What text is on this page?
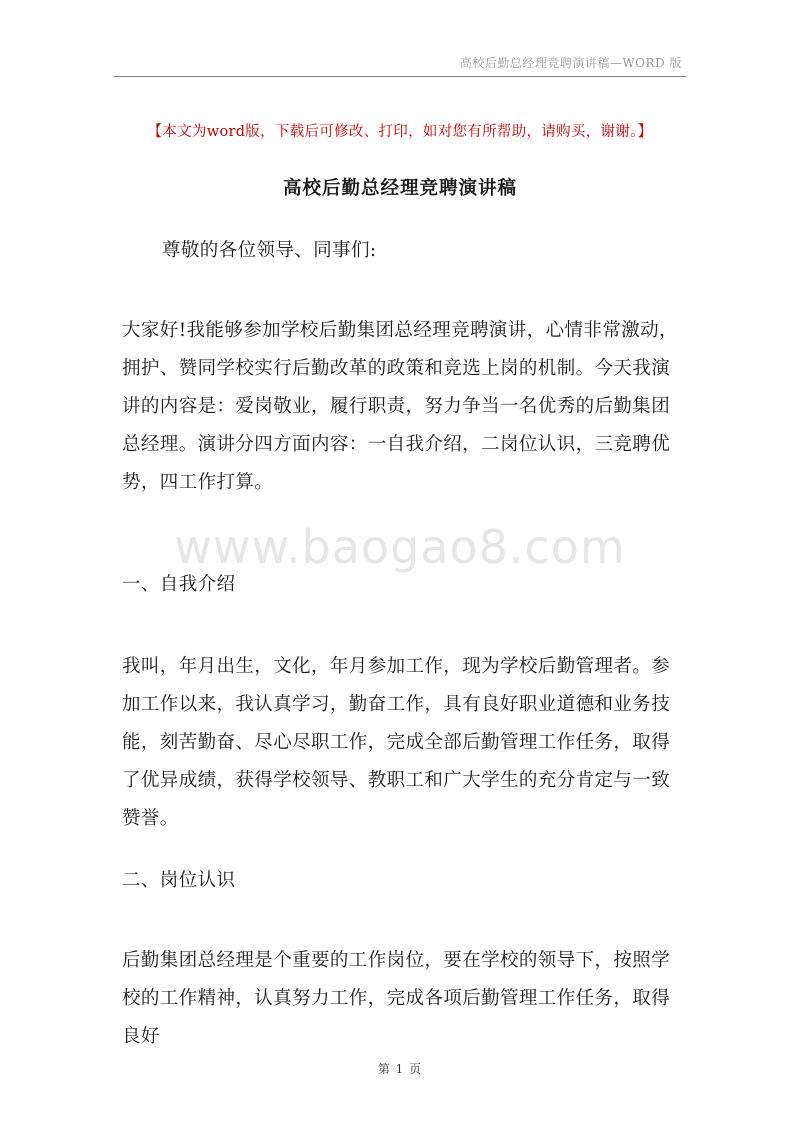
高校后勤总经理竞聘演讲稿—WORD 版
【本文为word版，下载后可修改、打印，如对您有所帮助，请购买，谢谢。】
高校后勤总经理竞聘演讲稿

尊敬的各位领导、同事们:

大家好!我能够参加学校后勤集团总经理竞聘演讲，心情非常激动，拥护、赞同学校实行后勤改革的政策和竞选上岗的机制。今天我演讲的内容是：爱岗敬业，履行职责，努力争当一名优秀的后勤集团总经理。演讲分四方面内容：一自我介绍，二岗位认识，三竞聘优势，四工作打算。

www.baogao8.com

一、自我介绍

我叫，年月出生，文化，年月参加工作，现为学校后勤管理者。参加工作以来，我认真学习，勤奋工作，具有良好职业道德和业务技能，刻苦勤奋、尽心尽职工作，完成全部后勤管理工作任务，取得了优异成绩，获得学校领导、教职工和广大学生的充分肯定与一致赞誉。

二、岗位认识

后勤集团总经理是个重要的工作岗位，要在学校的领导下，按照学校的工作精神，认真努力工作，完成各项后勤管理工作任务，取得良好

第 1 页
